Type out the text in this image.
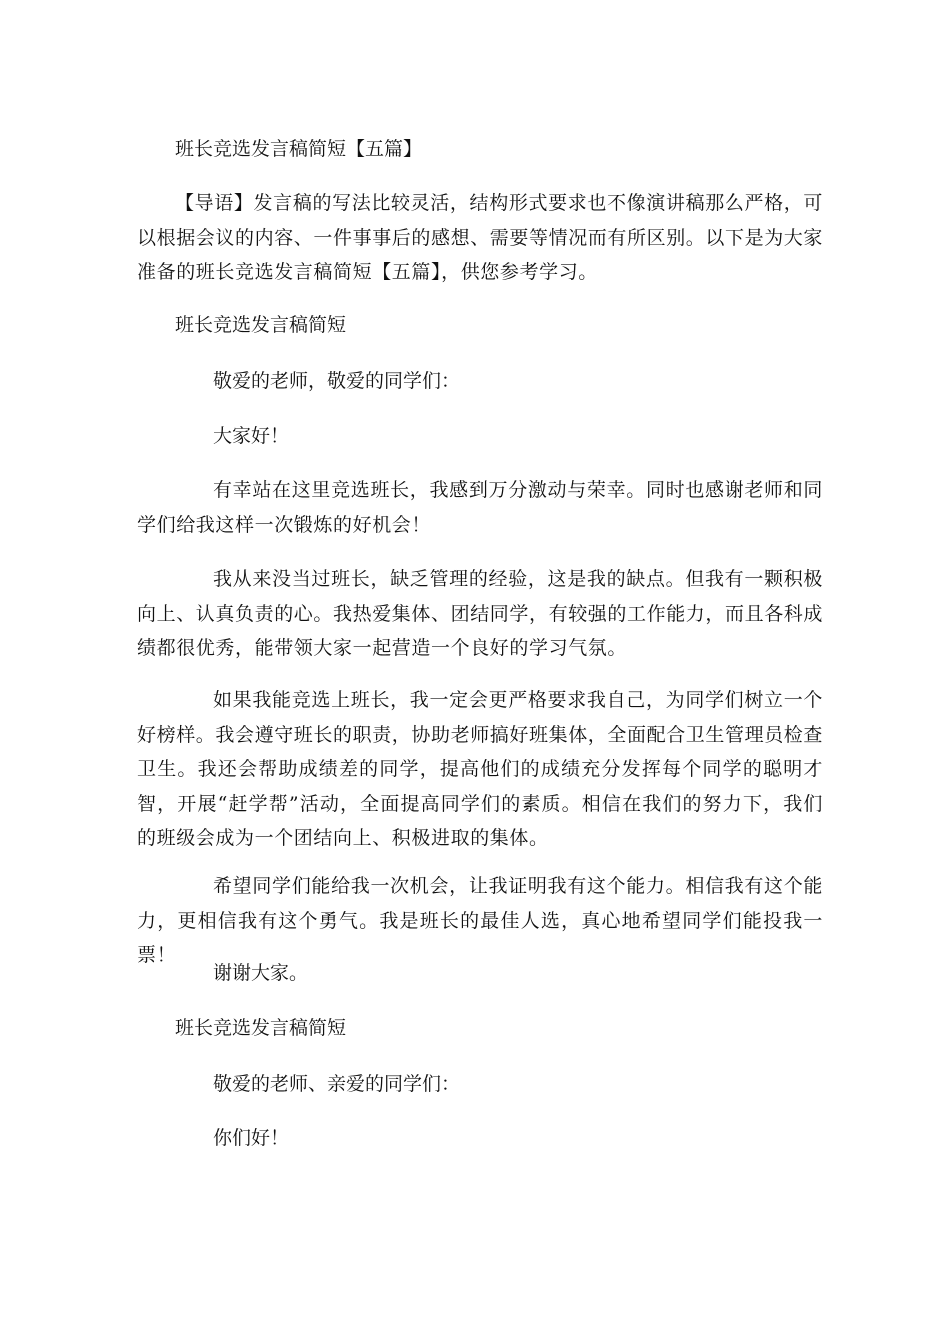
班长竞选发言稿简短【五篇】

【导语】发言稿的写法比较灵活，结构形式要求也不像演讲稿那么严格，可以根据会议的内容、一件事事后的感想、需要等情况而有所区别。以下是为大家准备的班长竞选发言稿简短【五篇】，供您参考学习。

班长竞选发言稿简短

敬爱的老师，敬爱的同学们：

大家好！

有幸站在这里竞选班长，我感到万分激动与荣幸。同时也感谢老师和同学们给我这样一次锻炼的好机会！

我从来没当过班长，缺乏管理的经验，这是我的缺点。但我有一颗积极向上、认真负责的心。我热爱集体、团结同学，有较强的工作能力，而且各科成绩都很优秀，能带领大家一起营造一个良好的学习气氛。

如果我能竞选上班长，我一定会更严格要求我自己，为同学们树立一个好榜样。我会遵守班长的职责，协助老师搞好班集体，全面配合卫生管理员检查卫生。我还会帮助成绩差的同学，提高他们的成绩充分发挥每个同学的聪明才智，开展“赶学帮”活动，全面提高同学们的素质。相信在我们的努力下，我们的班级会成为一个团结向上、积极进取的集体。

希望同学们能给我一次机会，让我证明我有这个能力。相信我有这个能力，更相信我有这个勇气。我是班长的最佳人选，真心地希望同学们能投我一票！

谢谢大家。

班长竞选发言稿简短

敬爱的老师、亲爱的同学们：

你们好！
